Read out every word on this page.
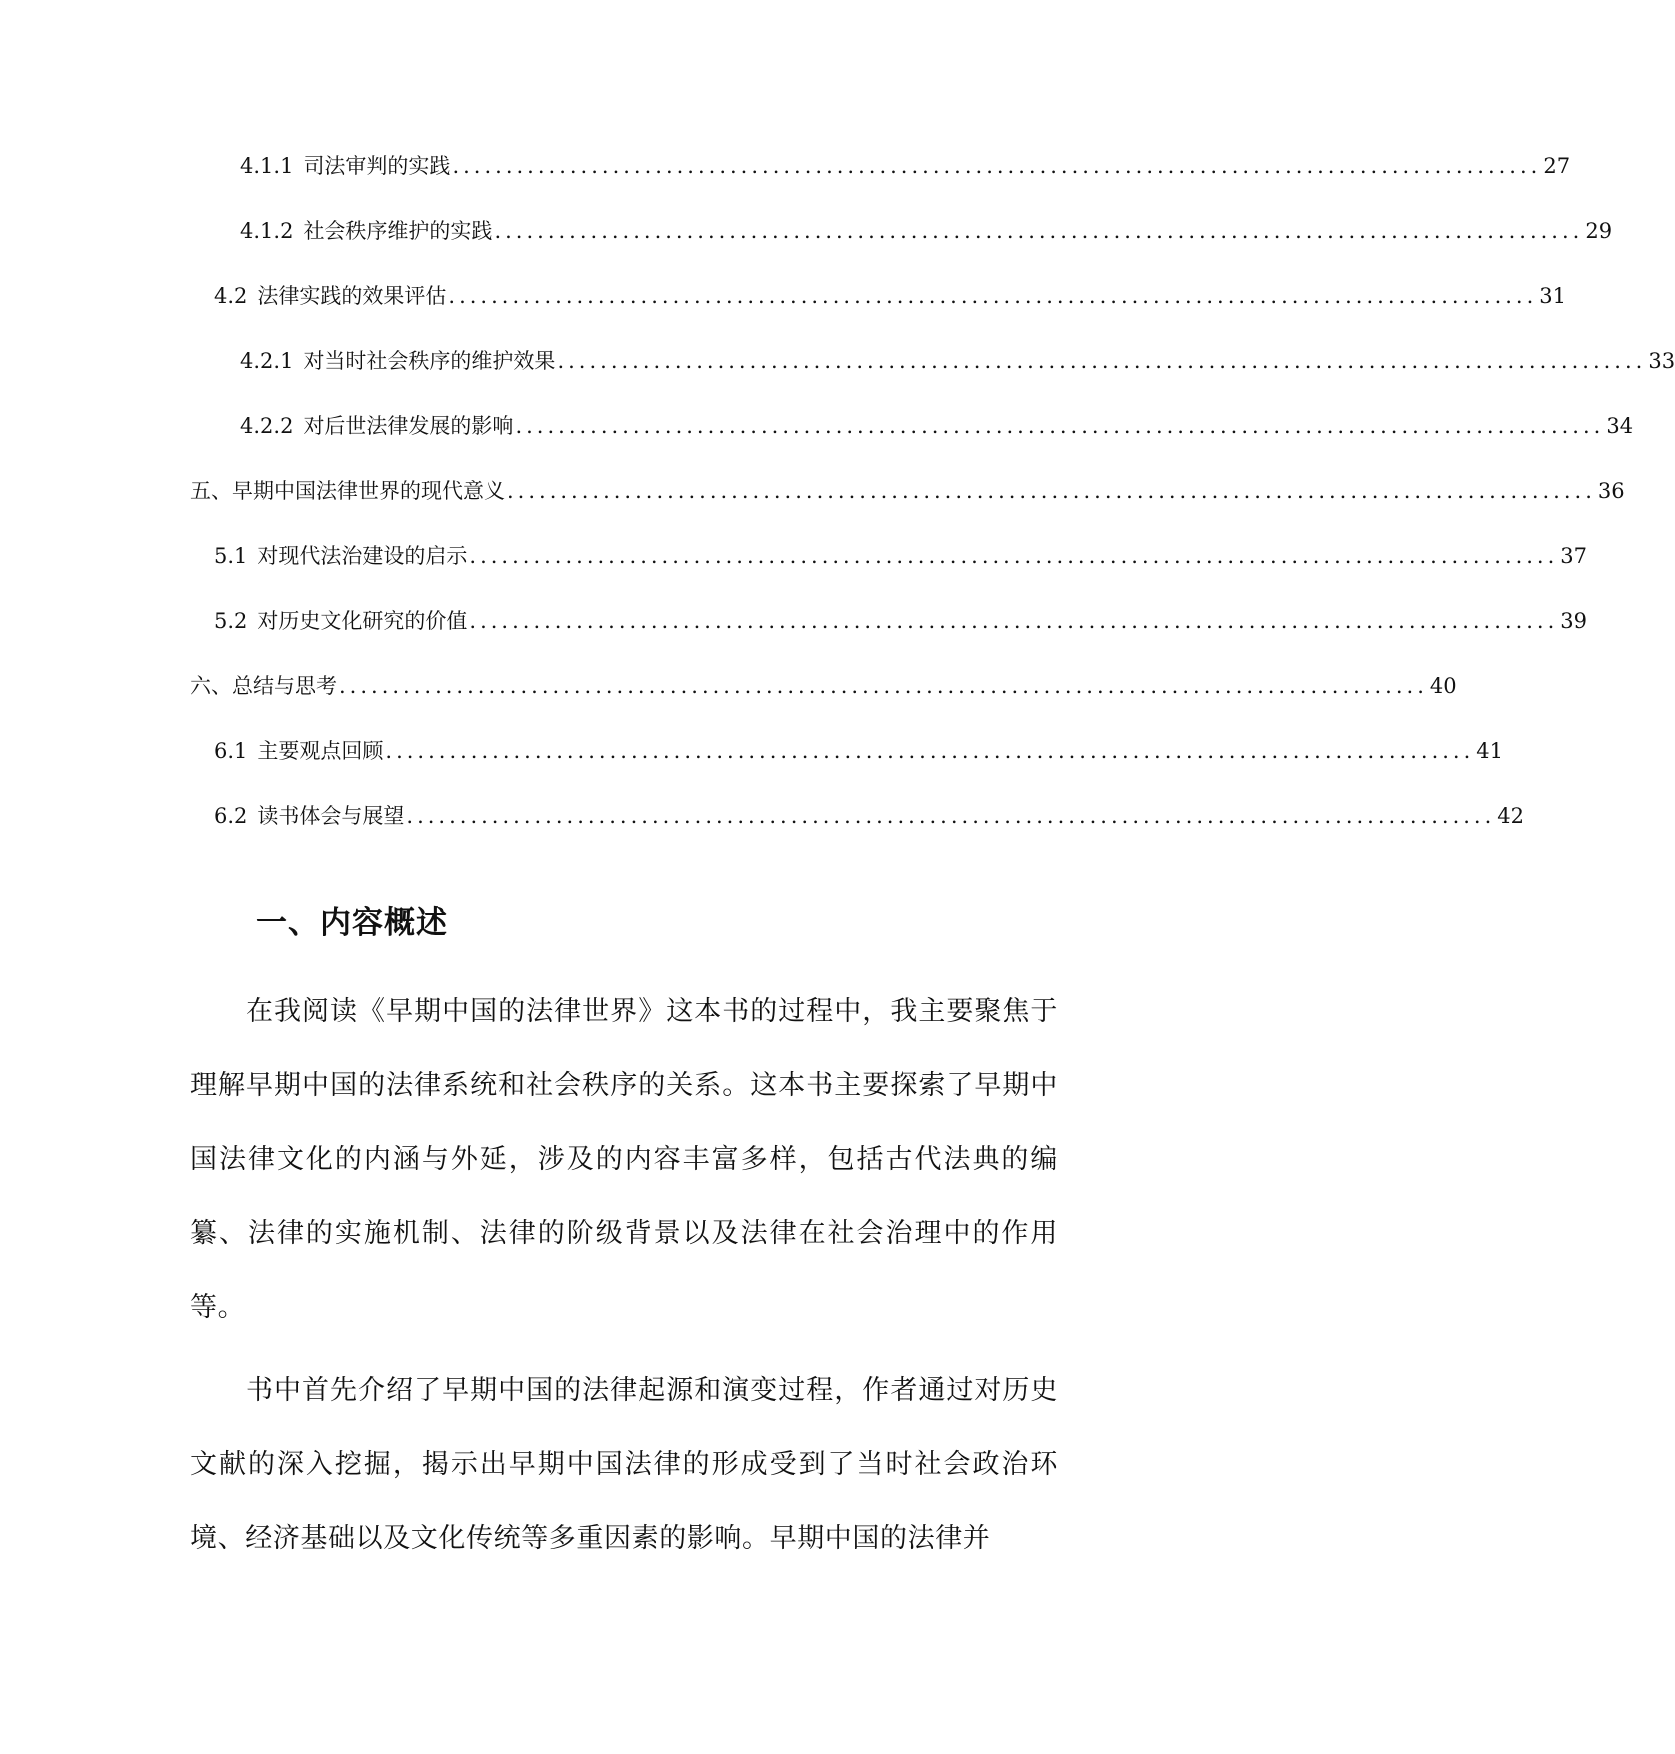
4.1.1 司法审判的实践 ...................................................................................................... 27
4.1.2 社会秩序维护的实践 ...................................................................................................... 29
4.2 法律实践的效果评估 ...................................................................................................... 31
4.2.1 对当时社会秩序的维护效果 ...................................................................................................... 33
4.2.2 对后世法律发展的影响 ...................................................................................................... 34
五、早期中国法律世界的现代意义 ...................................................................................................... 36
5.1 对现代法治建设的启示 ...................................................................................................... 37
5.2 对历史文化研究的价值 ...................................................................................................... 39
六、总结与思考 ...................................................................................................... 40
6.1 主要观点回顾 ...................................................................................................... 41
6.2 读书体会与展望 ...................................................................................................... 42
一、内容概述

在我阅读《早期中国的法律世界》这本书的过程中，我主要聚焦于理解早期中国的法律系统和社会秩序的关系。这本书主要探索了早期中国法律文化的内涵与外延，涉及的内容丰富多样，包括古代法典的编纂、法律的实施机制、法律的阶级背景以及法律在社会治理中的作用等。

书中首先介绍了早期中国的法律起源和演变过程，作者通过对历史文献的深入挖掘，揭示出早期中国法律的形成受到了当时社会政治环境、经济基础以及文化传统等多重因素的影响。早期中国的法律并
